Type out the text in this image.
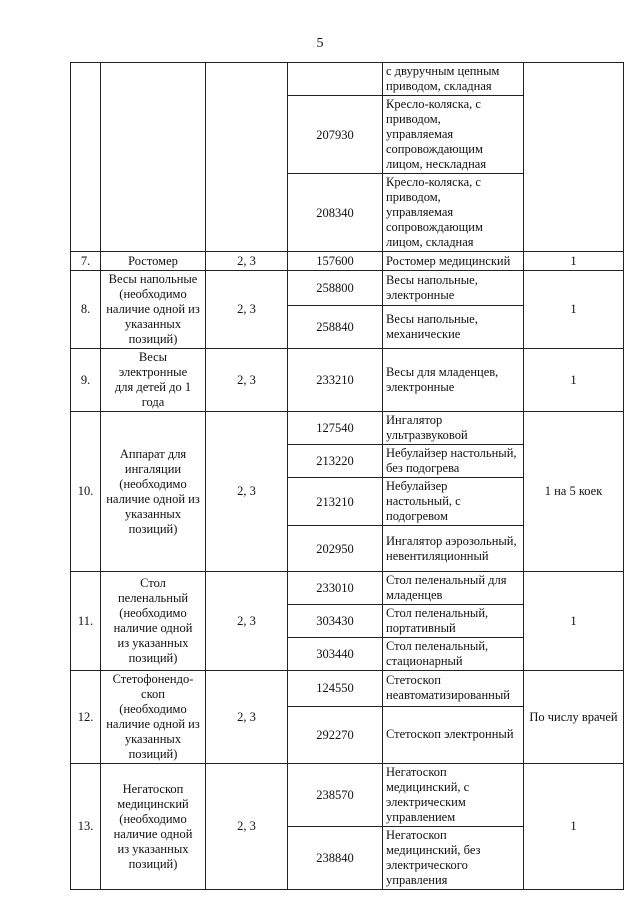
5
				с двуручным цепным приводом, складная	
			207930	Кресло-коляска, с приводом, управляемая сопровождающим лицом, нескладная	
			208340	Кресло-коляска, с приводом, управляемая сопровождающим лицом, складная	
7.	Ростомер	2, 3	157600	Ростомер медицинский	1
8.	Весы напольные (необходимо наличие одной из указанных позиций)	2, 3	258800	Весы напольные, электронные	1
			258840	Весы напольные, механические	
9.	Весы электронные для детей до 1 года	2, 3	233210	Весы для младенцев, электронные	1
10.	Аппарат для ингаляции (необходимо наличие одной из указанных позиций)	2, 3	127540	Ингалятор ультразвуковой	1 на 5 коек
			213220	Небулайзер настольный, без подогрева	
			213210	Небулайзер настольный, с подогревом	
			202950	Ингалятор аэрозольный, невентиляционный	
11.	Стол пеленальный (необходимо наличие одной из указанных позиций)	2, 3	233010	Стол пеленальный для младенцев	1
			303430	Стол пеленальный, портативный	
			303440	Стол пеленальный, стационарный	
12.	Стетофонендо-скоп (необходимо наличие одной из указанных позиций)	2, 3	124550	Стетоскоп неавтоматизированный	По числу врачей
			292270	Стетоскоп электронный	
13.	Негатоскоп медицинский (необходимо наличие одной из указанных позиций)	2, 3	238570	Негатоскоп медицинский, с электрическим управлением	1
			238840	Негатоскоп медицинский, без электрического управления	
